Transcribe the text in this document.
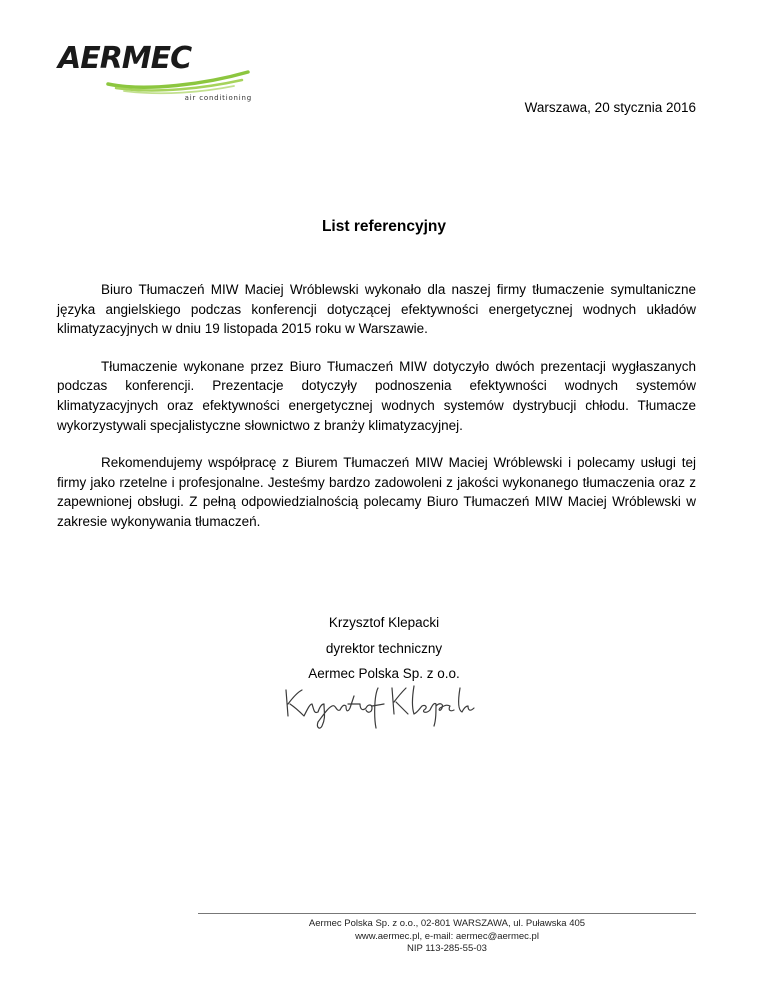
AERMEC
air conditioning
Warszawa, 20 stycznia 2016
List referencyjny

Biuro Tłumaczeń MIW Maciej Wróblewski wykonało dla naszej firmy tłumaczenie symultaniczne języka angielskiego podczas konferencji dotyczącej efektywności energetycznej wodnych układów klimatyzacyjnych w dniu 19 listopada 2015 roku w Warszawie.

Tłumaczenie wykonane przez Biuro Tłumaczeń MIW dotyczyło dwóch prezentacji wygłaszanych podczas konferencji. Prezentacje dotyczyły podnoszenia efektywności wodnych systemów klimatyzacyjnych oraz efektywności energetycznej wodnych systemów dystrybucji chłodu. Tłumacze wykorzystywali specjalistyczne słownictwo z branży klimatyzacyjnej.

Rekomendujemy współpracę z Biurem Tłumaczeń MIW Maciej Wróblewski i polecamy usługi tej firmy jako rzetelne i profesjonalne. Jesteśmy bardzo zadowoleni z jakości wykonanego tłumaczenia oraz z zapewnionej obsługi. Z pełną odpowiedzialnością polecamy Biuro Tłumaczeń MIW Maciej Wróblewski w zakresie wykonywania tłumaczeń.

Krzysztof Klepacki
dyrektor techniczny
Aermec Polska Sp. z o.o.
Aermec Polska Sp. z o.o., 02-801 WARSZAWA, ul. Puławska 405
www.aermec.pl, e-mail: aermec@aermec.pl
NIP 113-285-55-03
